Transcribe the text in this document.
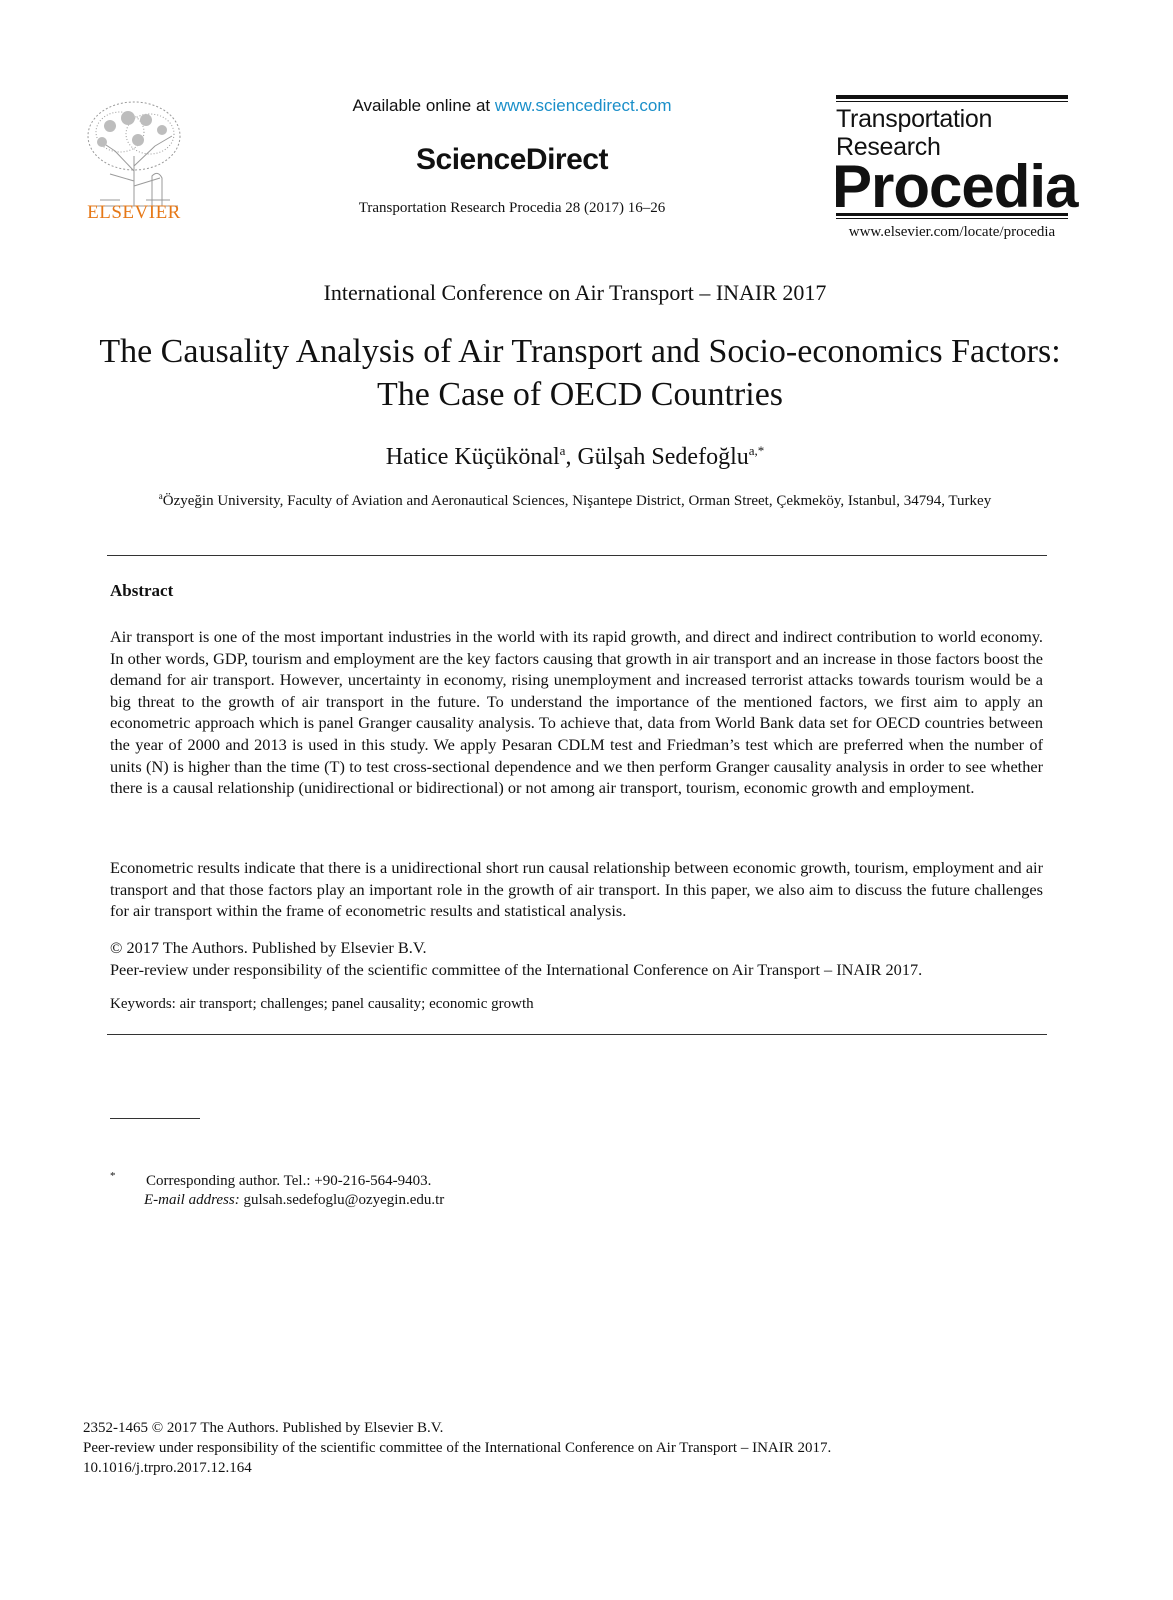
ELSEVIER
Available online at www.sciencedirect.com
ScienceDirect
Transportation Research Procedia 28 (2017) 16–26
Transportation
Research
Procedia
www.elsevier.com/locate/procedia
International Conference on Air Transport – INAIR 2017
The Causality Analysis of Air Transport and Socio-economics Factors: The Case of OECD Countries
Hatice Küçükönal$^a$, Gülşah Sedefoğlu$^{a,*}$
$^a$Özyeğin University, Faculty of Aviation and Aeronautical Sciences, Nişantepe District, Orman Street, Çekmeköy, Istanbul, 34794, Turkey
Abstract
Air transport is one of the most important industries in the world with its rapid growth, and direct and indirect contribution to world economy. In other words, GDP, tourism and employment are the key factors causing that growth in air transport and an increase in those factors boost the demand for air transport. However, uncertainty in economy, rising unemployment and increased terrorist attacks towards tourism would be a big threat to the growth of air transport in the future. To understand the importance of the mentioned factors, we first aim to apply an econometric approach which is panel Granger causality analysis. To achieve that, data from World Bank data set for OECD countries between the year of 2000 and 2013 is used in this study. We apply Pesaran CDLM test and Friedman’s test which are preferred when the number of units (N) is higher than the time (T) to test cross-sectional dependence and we then perform Granger causality analysis in order to see whether there is a causal relationship (unidirectional or bidirectional) or not among air transport, tourism, economic growth and employment.
Econometric results indicate that there is a unidirectional short run causal relationship between economic growth, tourism, employment and air transport and that those factors play an important role in the growth of air transport. In this paper, we also aim to discuss the future challenges for air transport within the frame of econometric results and statistical analysis.
© 2017 The Authors. Published by Elsevier B.V.
Peer-review under responsibility of the scientific committee of the International Conference on Air Transport – INAIR 2017.
Keywords: air transport; challenges; panel causality; economic growth
* Corresponding author. Tel.: +90-216-564-9403.
E-mail address: gulsah.sedefoglu@ozyegin.edu.tr
2352-1465 © 2017 The Authors. Published by Elsevier B.V.
Peer-review under responsibility of the scientific committee of the International Conference on Air Transport – INAIR 2017.
10.1016/j.trpro.2017.12.164
